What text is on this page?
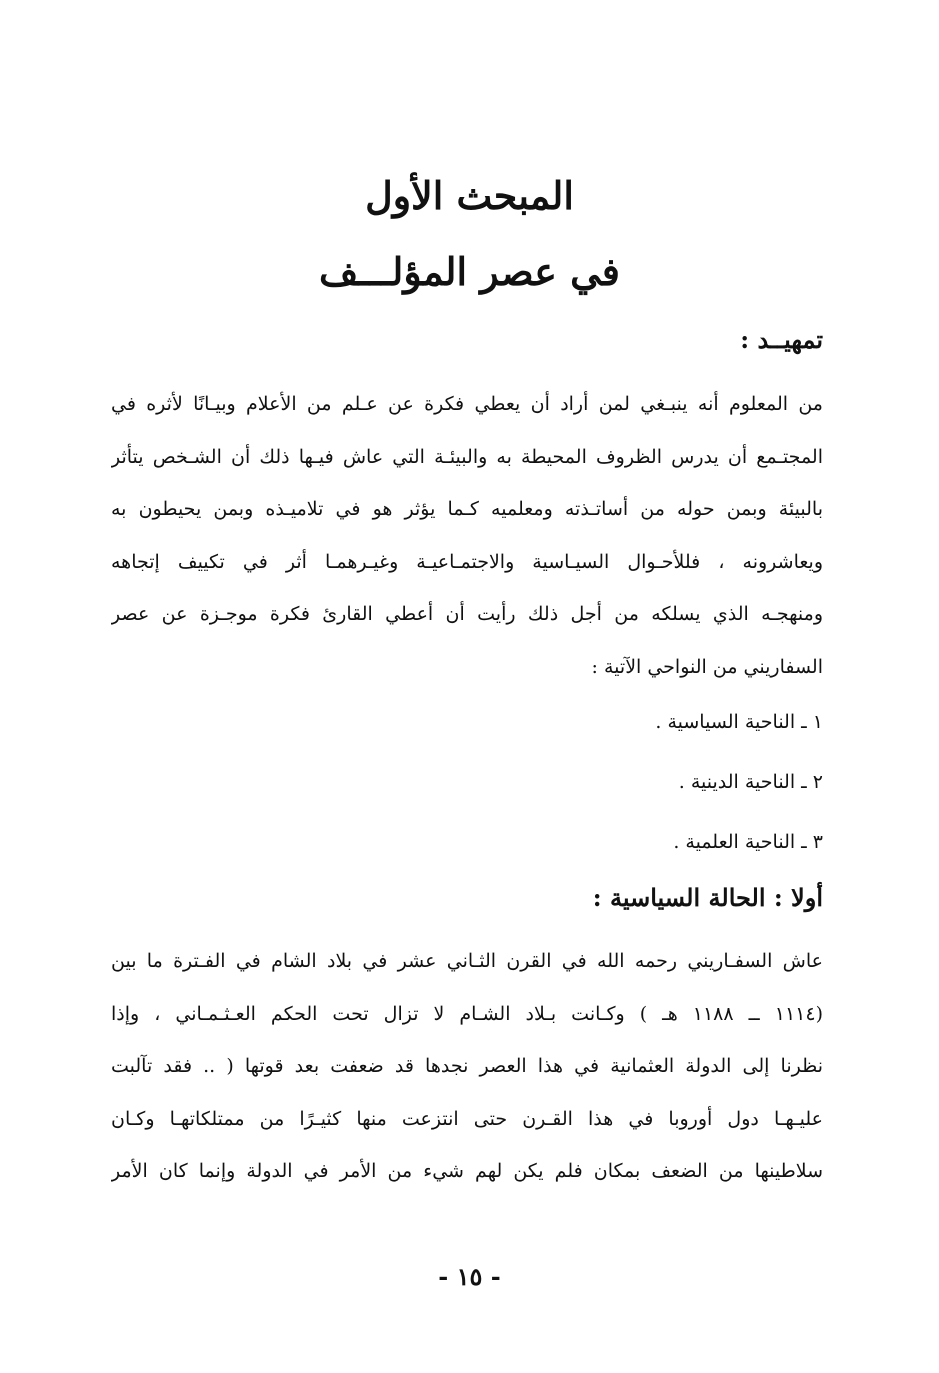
المبحث الأول
في عصر المؤلـــف
تمهيــد :
من المعلوم أنه ينبـغي لمن أراد أن يعطي فكرة عن عـلم من الأعلام وبيـانًا لأثره في
المجتـمع أن يدرس الظروف المحيطة به والبيئـة التي عاش فيـها ذلك أن الشـخص يتأثر
بالبيئة وبمن حوله من أساتـذته ومعلميه كـما يؤثر هو في تلاميـذه وبمن يحيطون به
ويعاشرونه ، فللأحـوال السيـاسية والاجتمـاعيـة وغيـرهمـا أثر في تكييف إتجاهه
ومنهجـه الذي يسلكه من أجل ذلك رأيت أن أعطي القارئ فكرة موجـزة عن عصر
السفاريني من النواحي الآتية :
١ ـ الناحية السياسية .
٢ ـ الناحية الدينية .
٣ ـ الناحية العلمية .
أولا : الحالة السياسية :
عاش السفـاريني رحمه الله في القرن الثـاني عشر في بلاد الشام في الفـترة ما بين
(١١١٤ ــ ١١٨٨ هـ ) وكـانت بـلاد الشـام لا تزال تحت الحكم العـثـمـاني ، وإذا
نظرنا إلى الدولة العثمانية في هذا العصر نجدها قد ضعفت بعد قوتها ( .. فقد تآلبت
عليـهـا دول أوروبا في هذا القـرن حتى انتزعت منها كثيـرًا من ممتلكاتهـا وكـان
سلاطينها من الضعف بمكان فلم يكن لهم شيء من الأمر في الدولة وإنما كان الأمر
- ١٥ -
